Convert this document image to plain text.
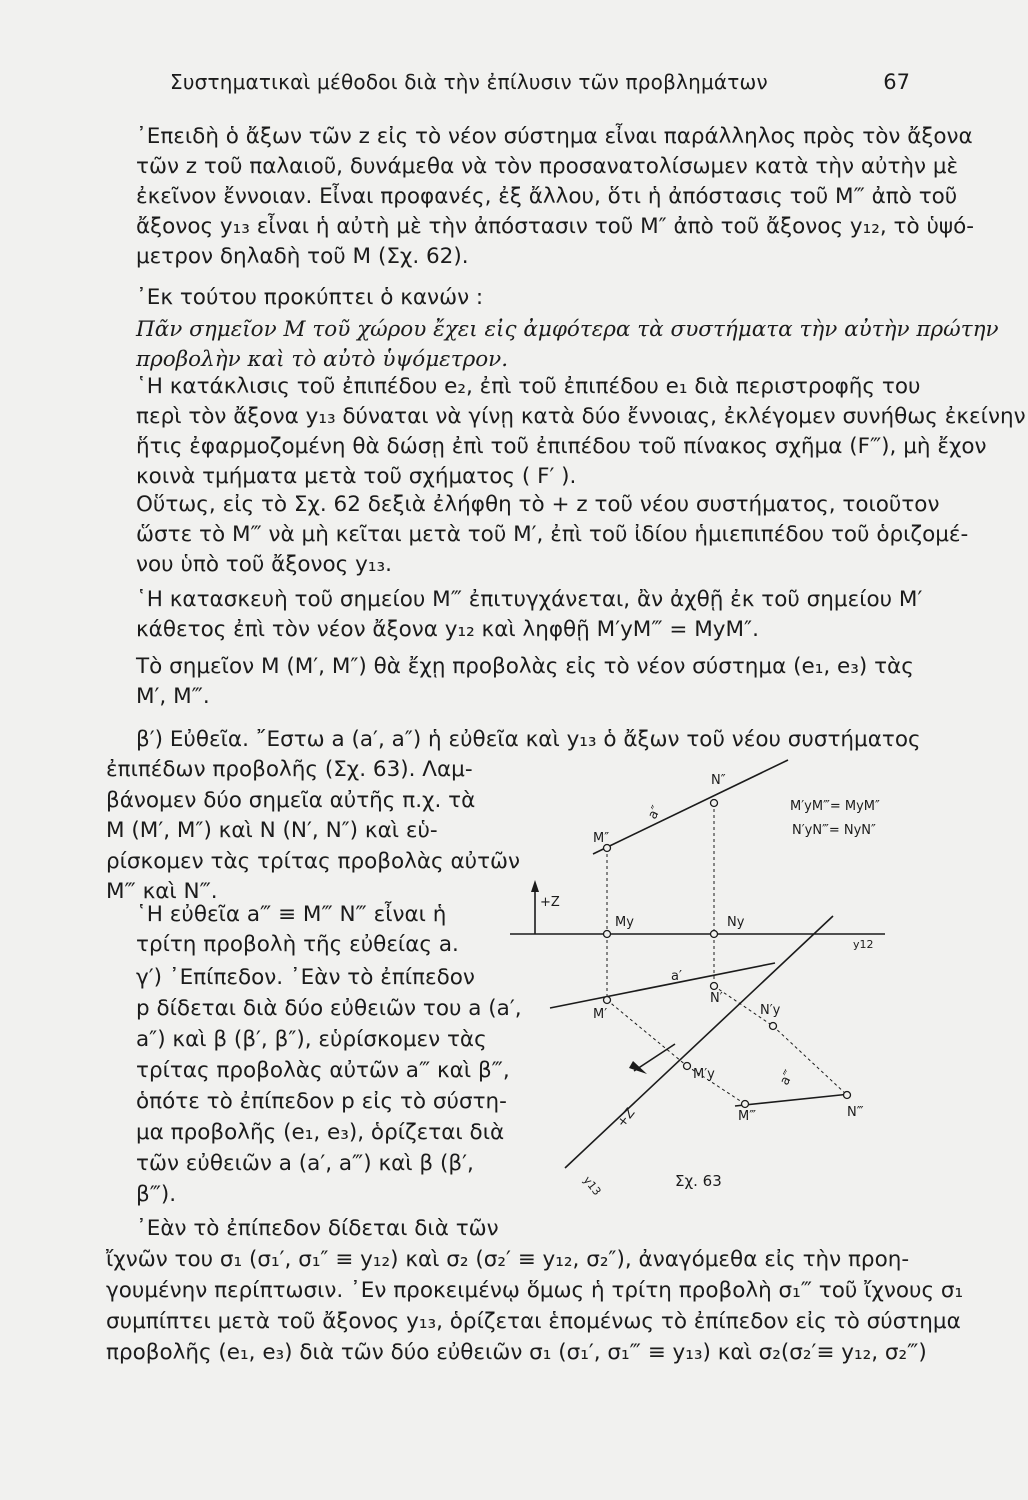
Συστηματικαὶ μέθοδοι διὰ τὴν ἐπίλυσιν τῶν προβλημάτων	67
᾿Επειδὴ ὁ ἄξων τῶν z εἰς τὸ νέον σύστημα εἶναι παράλληλος πρὸς τὸν ἄξονα
τῶν z τοῦ παλαιοῦ, δυνάμεθα νὰ τὸν προσανατολίσωμεν κατὰ τὴν αὐτὴν μὲ
ἐκεῖνον ἔννοιαν. Εἶναι προφανές, ἐξ ἄλλου, ὅτι ἡ ἀπόστασις τοῦ M‴ ἀπὸ τοῦ
ἄξονος y₁₃ εἶναι ἡ αὐτὴ μὲ τὴν ἀπόστασιν τοῦ M″ ἀπὸ τοῦ ἄξονος y₁₂, τὸ ὑψό-
μετρον δηλαδὴ τοῦ M (Σχ. 62).
᾿Εκ τούτου προκύπτει ὁ κανών :
Πᾶν σημεῖον M τοῦ χώρου ἔχει εἰς ἀμφότερα τὰ συστήματα τὴν αὐτὴν πρώτην
προβολὴν καὶ τὸ αὐτὸ ὑψόμετρον.
῾Η κατάκλισις τοῦ ἐπιπέδου e₂, ἐπὶ τοῦ ἐπιπέδου e₁ διὰ περιστροφῆς του
περὶ τὸν ἄξονα y₁₃ δύναται νὰ γίνῃ κατὰ δύο ἔννοιας, ἐκλέγομεν συνήθως ἐκείνην
ἥτις ἐφαρμοζομένη θὰ δώσῃ ἐπὶ τοῦ ἐπιπέδου τοῦ πίνακος σχῆμα (F‴), μὴ ἔχον
κοινὰ τμήματα μετὰ τοῦ σχήματος ( F′ ).
Οὕτως, εἰς τὸ Σχ. 62 δεξιὰ ἐλήφθη τὸ + z τοῦ νέου συστήματος, τοιοῦτον
ὥστε τὸ M‴ νὰ μὴ κεῖται μετὰ τοῦ M′, ἐπὶ τοῦ ἰδίου ἡμιεπιπέδου τοῦ ὁριζομέ-
νου ὑπὸ τοῦ ἄξονος y₁₃.
῾Η κατασκευὴ τοῦ σημείου M‴ ἐπιτυγχάνεται, ἂν ἀχθῇ ἐκ τοῦ σημείου M′
κάθετος ἐπὶ τὸν νέον ἄξονα y₁₂ καὶ ληφθῇ M′yM‴ = MyM″.
Τὸ σημεῖον M (M′, M″) θὰ ἔχῃ προβολὰς εἰς τὸ νέον σύστημα (e₁, e₃) τὰς
M′, M‴.
β′) Εὐθεῖα. ῎Εστω a (a′, a″) ἡ εὐθεῖα καὶ y₁₃ ὁ ἄξων τοῦ νέου συστήματος
ἐπιπέδων προβολῆς (Σχ. 63). Λαμ-
βάνομεν δύο σημεῖα αὐτῆς π.χ. τὰ
M (M′, M″) καὶ N (N′, N″) καὶ εὑ-
ρίσκομεν τὰς τρίτας προβολὰς αὐτῶν
M‴ καὶ N‴.
῾Η εὐθεῖα a‴ ≡ M‴ N‴ εἶναι ἡ
τρίτη προβολὴ τῆς εὐθείας a.
γ′) ᾿Επίπεδον. ᾿Εὰν τὸ ἐπίπεδον
p δίδεται διὰ δύο εὐθειῶν του a (a′,
a″) καὶ β (β′, β″), εὑρίσκομεν τὰς
τρίτας προβολὰς αὐτῶν a‴ καὶ β‴,
ὁπότε τὸ ἐπίπεδον p εἰς τὸ σύστη-
μα προβολῆς (e₁, e₃), ὁρίζεται διὰ
τῶν εὐθειῶν a (a′, a‴) καὶ β (β′,
β‴).
᾿Εὰν τὸ ἐπίπεδον δίδεται διὰ τῶν
ἴχνῶν του σ₁ (σ₁′, σ₁″ ≡ y₁₂) καὶ σ₂ (σ₂′ ≡ y₁₂, σ₂″), ἀναγόμεθα εἰς τὴν προη-
γουμένην περίπτωσιν. ᾿Εν προκειμένῳ ὅμως ἡ τρίτη προβολὴ σ₁‴ τοῦ ἴχνους σ₁
συμπίπτει μετὰ τοῦ ἄξονος y₁₃, ὁρίζεται ἑπομένως τὸ ἐπίπεδον εἰς τὸ σύστημα
προβολῆς (e₁, e₃) διὰ τῶν δύο εὐθειῶν σ₁ (σ₁′, σ₁‴ ≡ y₁₃) καὶ σ₂(σ₂′≡ y₁₂, σ₂‴)
N″
a″
M″
+Z
My	Ny
y12
a′
N′
N′y
M′
M′y	a‴
N‴
M‴
+Z
y13	Σχ. 63
M′yM‴= MyM″
N′yN‴= NyN″
